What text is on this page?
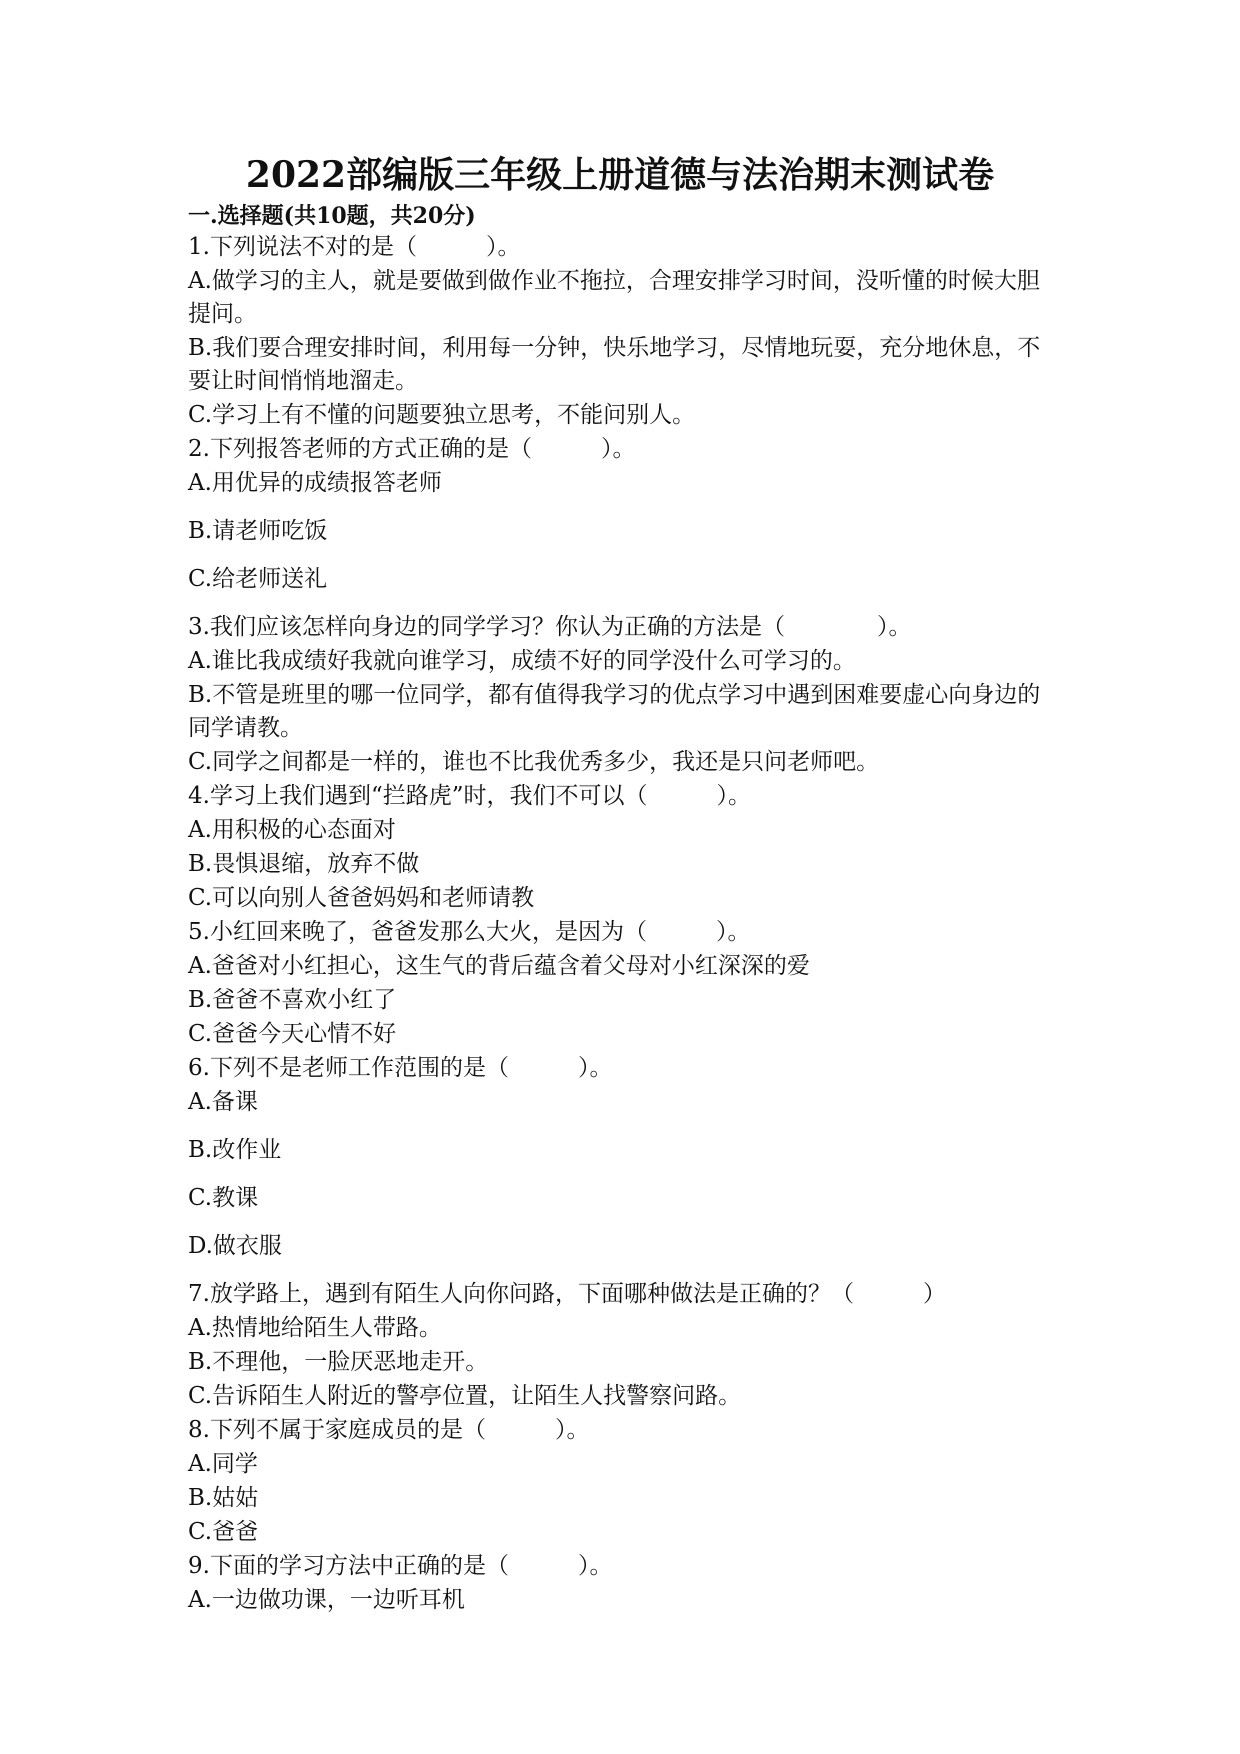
2022部编版三年级上册道德与法治期末测试卷
一.选择题(共10题，共20分)

1.下列说法不对的是（　　　）。

A.做学习的主人，就是要做到做作业不拖拉，合理安排学习时间，没听懂的时候大胆提问。

B.我们要合理安排时间，利用每一分钟，快乐地学习，尽情地玩耍，充分地休息，不要让时间悄悄地溜走。

C.学习上有不懂的问题要独立思考，不能问别人。

2.下列报答老师的方式正确的是（　　　）。

A.用优异的成绩报答老师

B.请老师吃饭

C.给老师送礼

3.我们应该怎样向身边的同学学习？你认为正确的方法是（　　　　）。

A.谁比我成绩好我就向谁学习，成绩不好的同学没什么可学习的。

B.不管是班里的哪一位同学，都有值得我学习的优点学习中遇到困难要虚心向身边的同学请教。

C.同学之间都是一样的，谁也不比我优秀多少，我还是只问老师吧。

4.学习上我们遇到“拦路虎”时，我们不可以（　　　）。

A.用积极的心态面对

B.畏惧退缩，放弃不做

C.可以向别人爸爸妈妈和老师请教

5.小红回来晚了，爸爸发那么大火，是因为（　　　）。

A.爸爸对小红担心，这生气的背后蕴含着父母对小红深深的爱

B.爸爸不喜欢小红了

C.爸爸今天心情不好

6.下列不是老师工作范围的是（　　　）。

A.备课

B.改作业

C.教课

D.做衣服

7.放学路上，遇到有陌生人向你问路，下面哪种做法是正确的？（　　　）

A.热情地给陌生人带路。

B.不理他，一脸厌恶地走开。

C.告诉陌生人附近的警亭位置，让陌生人找警察问路。

8.下列不属于家庭成员的是（　　　）。

A.同学

B.姑姑

C.爸爸

9.下面的学习方法中正确的是（　　　）。

A.一边做功课，一边听耳机
